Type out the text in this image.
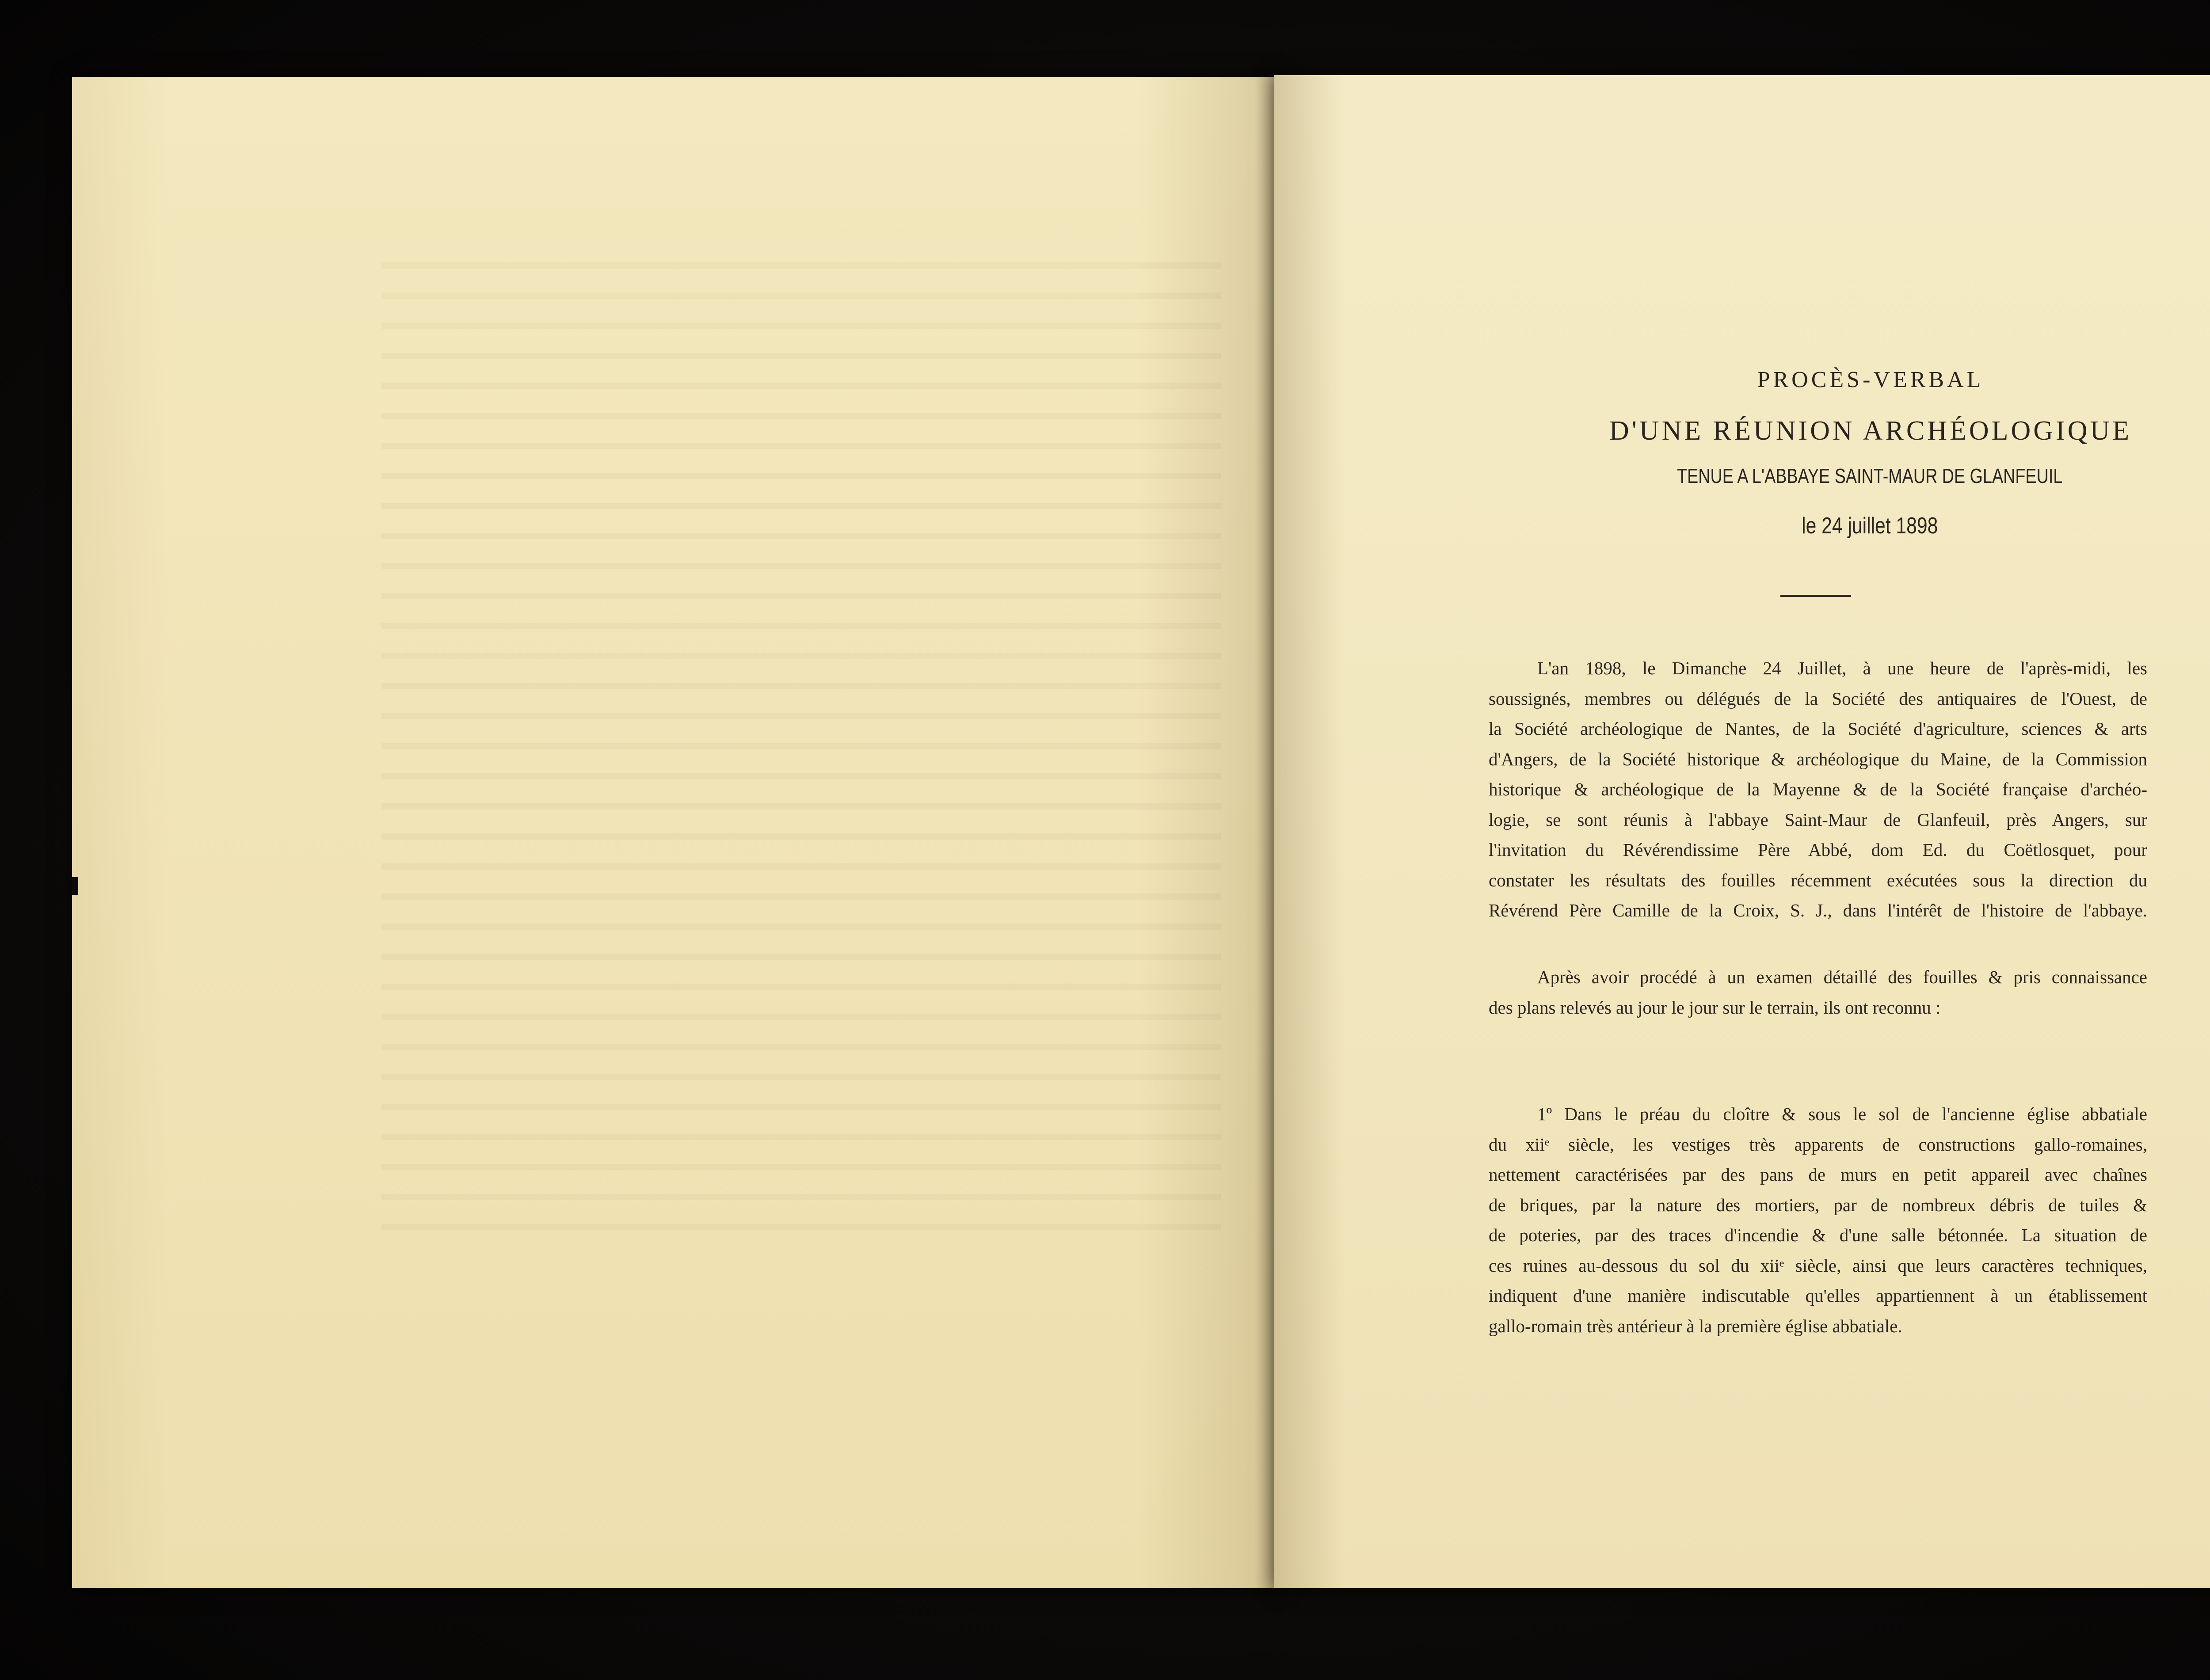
PROCÈS-VERBAL
D'UNE RÉUNION ARCHÉOLOGIQUE
TENUE A L'ABBAYE SAINT-MAUR DE GLANFEUIL
le 24 juillet 1898
L'an 1898, le Dimanche 24 Juillet, à une heure de l'après-midi, les
soussignés, membres ou délégués de la Société des antiquaires de l'Ouest, de
la Société archéologique de Nantes, de la Société d'agriculture, sciences & arts
d'Angers, de la Société historique & archéologique du Maine, de la Commission
historique & archéologique de la Mayenne & de la Société française d'archéo-
logie, se sont réunis à l'abbaye Saint-Maur de Glanfeuil, près Angers, sur
l'invitation du Révérendissime Père Abbé, dom Ed. du Coëtlosquet, pour
constater les résultats des fouilles récemment exécutées sous la direction du
Révérend Père Camille de la Croix, S. J., dans l'intérêt de l'histoire de l'abbaye.
Après avoir procédé à un examen détaillé des fouilles & pris connaissance
des plans relevés au jour le jour sur le terrain, ils ont reconnu :
1º Dans le préau du cloître & sous le sol de l'ancienne église abbatiale
du xiiᵉ siècle, les vestiges très apparents de constructions gallo-romaines,
nettement caractérisées par des pans de murs en petit appareil avec chaînes
de briques, par la nature des mortiers, par de nombreux débris de tuiles &
de poteries, par des traces d'incendie & d'une salle bétonnée. La situation de
ces ruines au-dessous du sol du xiiᵉ siècle, ainsi que leurs caractères techniques,
indiquent d'une manière indiscutable qu'elles appartiennent à un établissement
gallo-romain très antérieur à la première église abbatiale.
